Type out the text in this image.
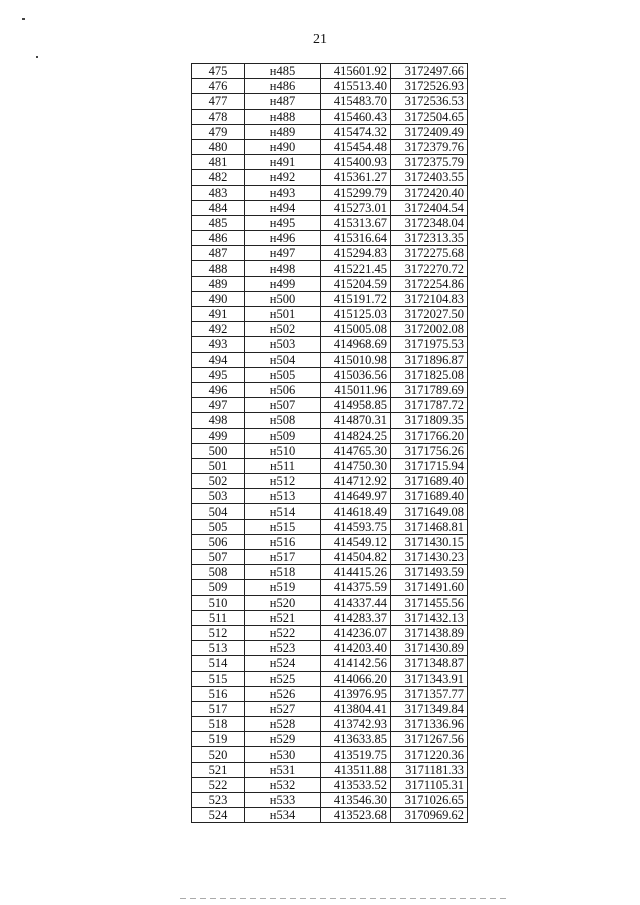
21
475	н485	415601.92	3172497.66
476	н486	415513.40	3172526.93
477	н487	415483.70	3172536.53
478	н488	415460.43	3172504.65
479	н489	415474.32	3172409.49
480	н490	415454.48	3172379.76
481	н491	415400.93	3172375.79
482	н492	415361.27	3172403.55
483	н493	415299.79	3172420.40
484	н494	415273.01	3172404.54
485	н495	415313.67	3172348.04
486	н496	415316.64	3172313.35
487	н497	415294.83	3172275.68
488	н498	415221.45	3172270.72
489	н499	415204.59	3172254.86
490	н500	415191.72	3172104.83
491	н501	415125.03	3172027.50
492	н502	415005.08	3172002.08
493	н503	414968.69	3171975.53
494	н504	415010.98	3171896.87
495	н505	415036.56	3171825.08
496	н506	415011.96	3171789.69
497	н507	414958.85	3171787.72
498	н508	414870.31	3171809.35
499	н509	414824.25	3171766.20
500	н510	414765.30	3171756.26
501	н511	414750.30	3171715.94
502	н512	414712.92	3171689.40
503	н513	414649.97	3171689.40
504	н514	414618.49	3171649.08
505	н515	414593.75	3171468.81
506	н516	414549.12	3171430.15
507	н517	414504.82	3171430.23
508	н518	414415.26	3171493.59
509	н519	414375.59	3171491.60
510	н520	414337.44	3171455.56
511	н521	414283.37	3171432.13
512	н522	414236.07	3171438.89
513	н523	414203.40	3171430.89
514	н524	414142.56	3171348.87
515	н525	414066.20	3171343.91
516	н526	413976.95	3171357.77
517	н527	413804.41	3171349.84
518	н528	413742.93	3171336.96
519	н529	413633.85	3171267.56
520	н530	413519.75	3171220.36
521	н531	413511.88	3171181.33
522	н532	413533.52	3171105.31
523	н533	413546.30	3171026.65
524	н534	413523.68	3170969.62
